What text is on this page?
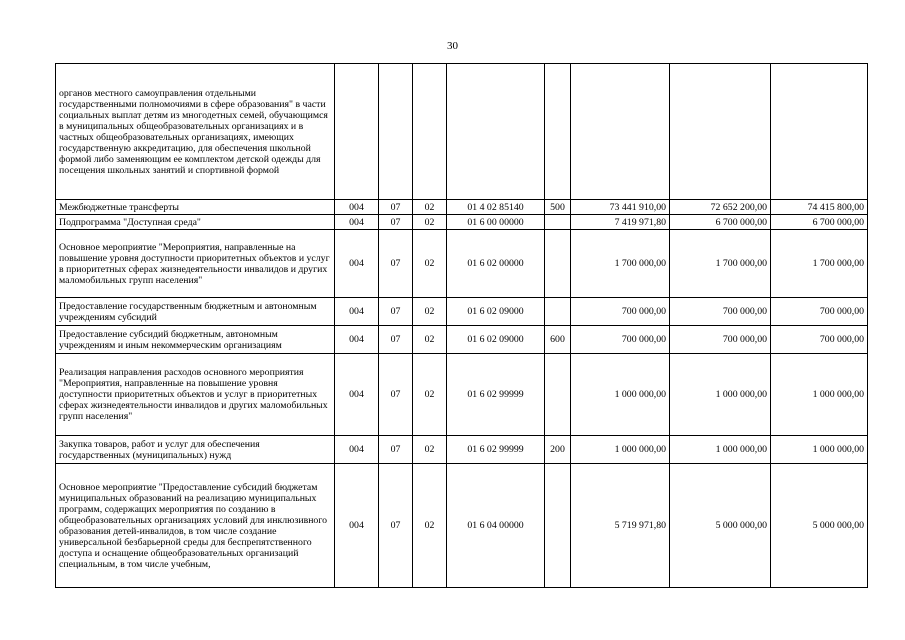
30
органов местного самоуправления отдельными государственными полномочиями в сфере образования" в части социальных выплат детям из многодетных семей, обучающимся в муниципальных общеобразовательных организациях и в частных общеобразовательных организациях, имеющих государственную аккредитацию, для обеспечения школьной формой либо заменяющим ее комплектом детской одежды для посещения школьных занятий и спортивной формой								
Межбюджетные трансферты	004	07	02	01 4 02 85140	500	73 441 910,00	72 652 200,00	74 415 800,00
Подпрограмма "Доступная среда"	004	07	02	01 6 00 00000		7 419 971,80	6 700 000,00	6 700 000,00
Основное мероприятие "Мероприятия, направленные на повышение уровня доступности приоритетных объектов и услуг в приоритетных сферах жизнедеятельности инвалидов и других маломобильных групп населения"	004	07	02	01 6 02 00000		1 700 000,00	1 700 000,00	1 700 000,00
Предоставление государственным бюджетным и автономным учреждениям субсидий	004	07	02	01 6 02 09000		700 000,00	700 000,00	700 000,00
Предоставление субсидий бюджетным, автономным учреждениям и иным некоммерческим организациям	004	07	02	01 6 02 09000	600	700 000,00	700 000,00	700 000,00
Реализация направления расходов основного мероприятия "Мероприятия, направленные на повышение уровня доступности приоритетных объектов и услуг в приоритетных сферах жизнедеятельности инвалидов и других маломобильных групп населения"	004	07	02	01 6 02 99999		1 000 000,00	1 000 000,00	1 000 000,00
Закупка товаров, работ и услуг для обеспечения государственных (муниципальных) нужд	004	07	02	01 6 02 99999	200	1 000 000,00	1 000 000,00	1 000 000,00
Основное мероприятие "Предоставление субсидий бюджетам муниципальных образований на реализацию муниципальных программ, содержащих мероприятия по созданию в общеобразовательных организациях условий для инклюзивного образования детей-инвалидов, в том числе создание универсальной безбарьерной среды для беспрепятственного доступа и оснащение общеобразовательных организаций специальным, в том числе учебным,	004	07	02	01 6 04 00000		5 719 971,80	5 000 000,00	5 000 000,00
